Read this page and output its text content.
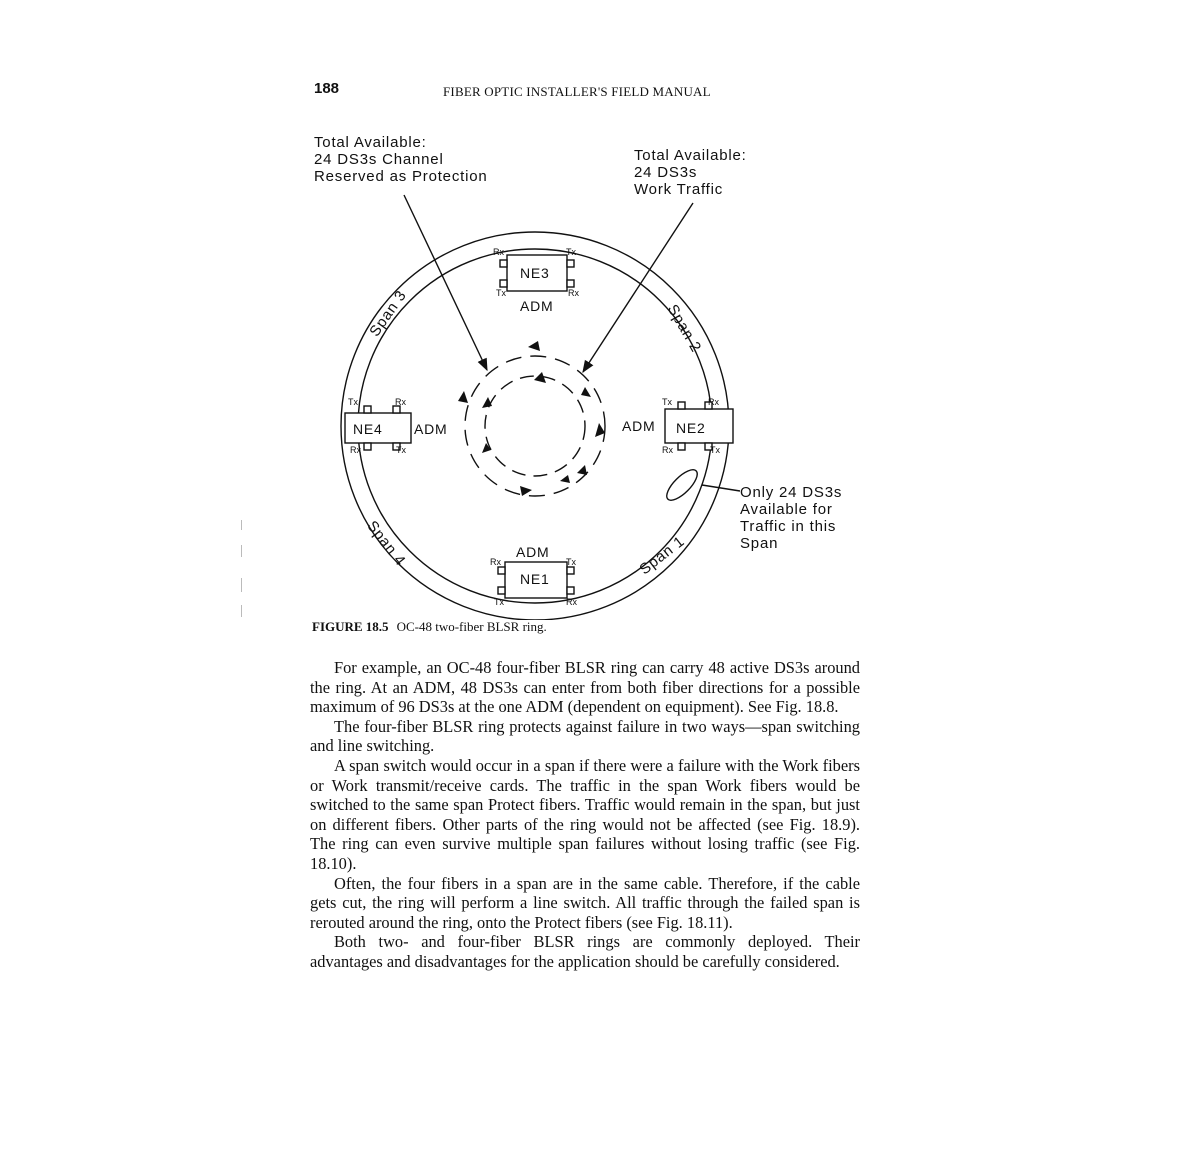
188	FIBER OPTIC INSTALLER'S FIELD MANUAL
Total Available:
24 DS3s Channel
Reserved as Protection
Total Available:
24 DS3s
Work Traffic
Only 24 DS3s
Available for
Traffic in this
Span
NE3
ADM
NE2
ADM
NE4 ADM
NE1
ADM
Rx	Tx
Tx	Rx
Tx	Rx
Rx	Tx
Tx	Rx
Rx	Tx
Rx	Tx
Tx	Rx
Span 3	Span 2
Span 4	Span 1
FIGURE 18.5 OC-48 two-fiber BLSR ring.

For example, an OC-48 four-fiber BLSR ring can carry 48 active DS3s around the ring. At an ADM, 48 DS3s can enter from both fiber directions for a possible maximum of 96 DS3s at the one ADM (dependent on equipment). See Fig. 18.8.

The four-fiber BLSR ring protects against failure in two ways—span switching and line switching.

A span switch would occur in a span if there were a failure with the Work fibers or Work transmit/receive cards. The traffic in the span Work fibers would be switched to the same span Protect fibers. Traffic would remain in the span, but just on different fibers. Other parts of the ring would not be affected (see Fig. 18.9). The ring can even survive multiple span failures without losing traffic (see Fig. 18.10).

Often, the four fibers in a span are in the same cable. Therefore, if the cable gets cut, the ring will perform a line switch. All traffic through the failed span is rerouted around the ring, onto the Protect fibers (see Fig. 18.11).

Both two- and four-fiber BLSR rings are commonly deployed. Their advantages and disadvantages for the application should be carefully considered.
